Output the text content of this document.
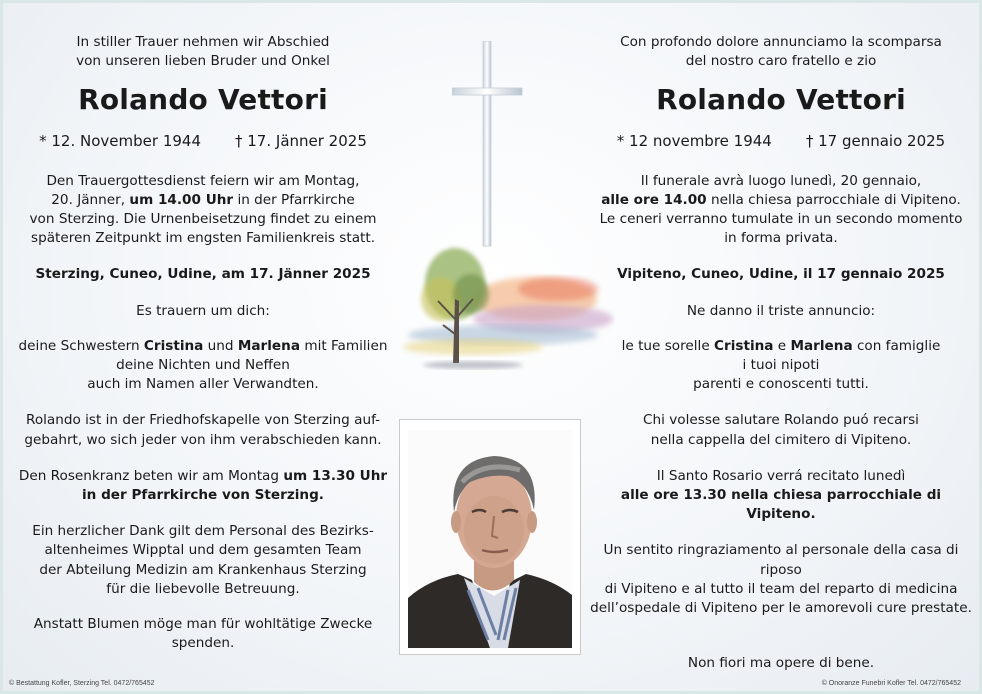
In stiller Trauer nehmen wir Abschied
von unseren lieben Bruder und Onkel

Rolando Vettori

* 12. November 1944 † 17. Jänner 2025

Den Trauergottesdienst feiern wir am Montag,
20. Jänner, um 14.00 Uhr in der Pfarrkirche
von Sterzing. Die Urnenbeisetzung findet zu einem
späteren Zeitpunkt im engsten Familienkreis statt.

Sterzing, Cuneo, Udine, am 17. Jänner 2025

Es trauern um dich:

deine Schwestern Cristina und Marlena mit Familien
deine Nichten und Neffen
auch im Namen aller Verwandten.

Rolando ist in der Friedhofskapelle von Sterzing auf-
gebahrt, wo sich jeder von ihm verabschieden kann.

Den Rosenkranz beten wir am Montag um 13.30 Uhr
in der Pfarrkirche von Sterzing.

Ein herzlicher Dank gilt dem Personal des Bezirks-
altenheimes Wipptal und dem gesamten Team
der Abteilung Medizin am Krankenhaus Sterzing
für die liebevolle Betreuung.

Anstatt Blumen möge man für wohltätige Zwecke
spenden.

Con profondo dolore annunciamo la scomparsa
del nostro caro fratello e zio

Rolando Vettori

* 12 novembre 1944 † 17 gennaio 2025

Il funerale avrà luogo lunedì, 20 gennaio,
alle ore 14.00 nella chiesa parrocchiale di Vipiteno.
Le ceneri verranno tumulate in un secondo momento
in forma privata.

Vipiteno, Cuneo, Udine, il 17 gennaio 2025

Ne danno il triste annuncio:

le tue sorelle Cristina e Marlena con famiglie
i tuoi nipoti
parenti e conoscenti tutti.

Chi volesse salutare Rolando puó recarsi
nella cappella del cimitero di Vipiteno.

Il Santo Rosario verrá recitato lunedì
alle ore 13.30 nella chiesa parrocchiale di Vipiteno.

Un sentito ringraziamento al personale della casa di riposo
di Vipiteno e al tutto il team del reparto di medicina
dell’ospedale di Vipiteno per le amorevoli cure prestate.

Non fiori ma opere di bene.

© Bestattung Kofler, Sterzing Tel. 0472/765452	© Onoranze Funebri Kofler Tel. 0472/765452
